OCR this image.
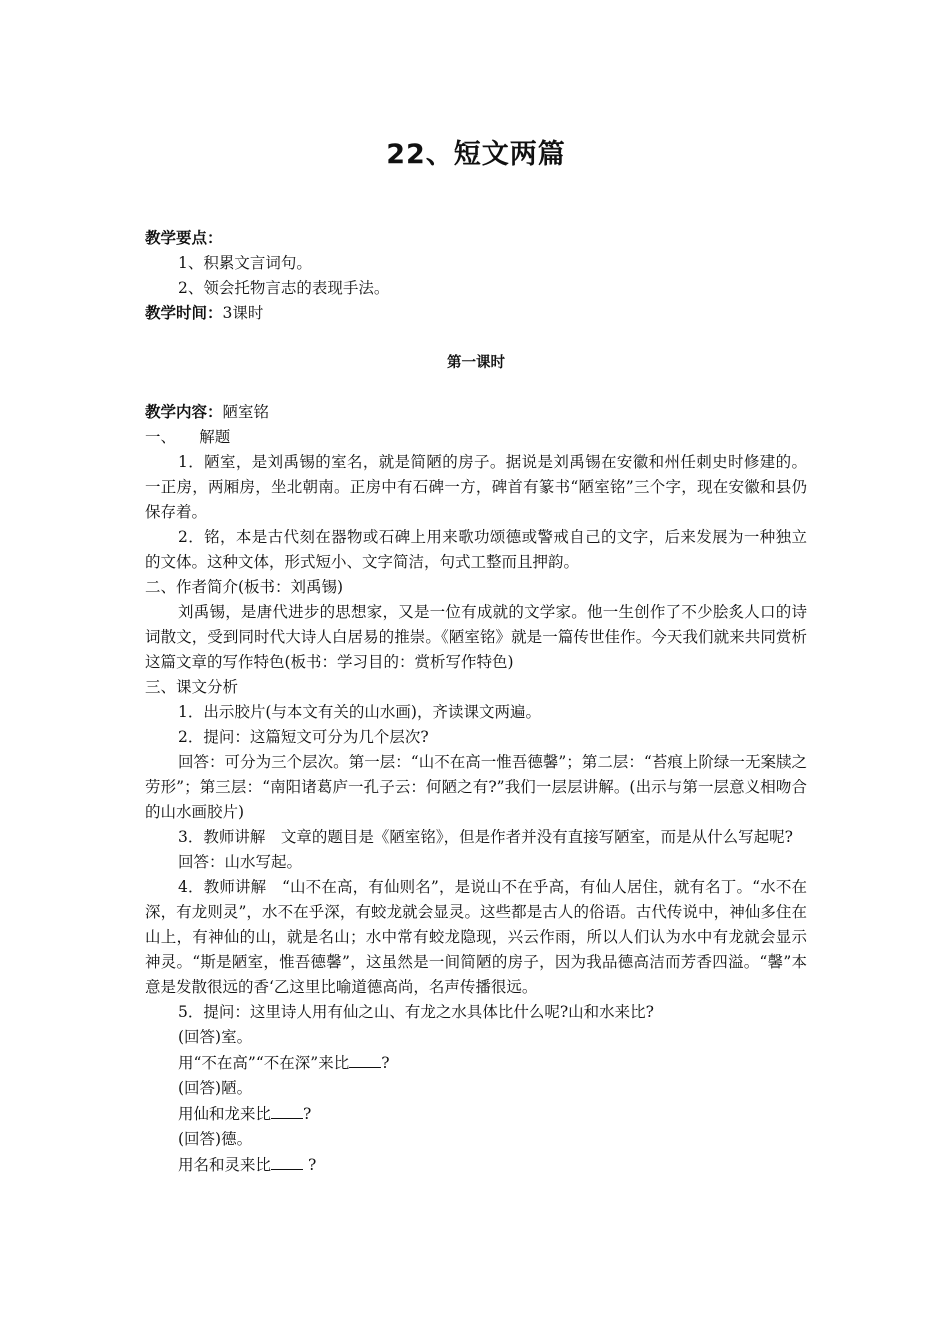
22、短文两篇

教学要点：

1、积累文言词句。

2、领会托物言志的表现手法。

教学时间：3课时

第一课时

教学内容：陋室铭

一、　　解题

1．陋室，是刘禹锡的室名，就是简陋的房子。据说是刘禹锡在安徽和州任刺史时修建的。一正房，两厢房，坐北朝南。正房中有石碑一方，碑首有篆书“陋室铭”三个字，现在安徽和县仍保存着。

2．铭，本是古代刻在器物或石碑上用来歌功颂德或警戒自己的文字，后来发展为一种独立的文体。这种文体，形式短小、文字简洁，句式工整而且押韵。

二、作者简介(板书：刘禹锡)

刘禹锡，是唐代进步的思想家，又是一位有成就的文学家。他一生创作了不少脍炙人口的诗词散文，受到同时代大诗人白居易的推崇。《陋室铭》就是一篇传世佳作。今天我们就来共同赏析这篇文章的写作特色(板书：学习目的：赏析写作特色)

三、课文分析

1．出示胶片(与本文有关的山水画)，齐读课文两遍。

2．提问：这篇短文可分为几个层次?

回答：可分为三个层次。第一层：“山不在高一惟吾德馨”；第二层：“苔痕上阶绿一无案牍之劳形”；第三层：“南阳诸葛庐一孔子云：何陋之有?”我们一层层讲解。(出示与第一层意义相吻合的山水画胶片)

3．教师讲解　文章的题目是《陋室铭》，但是作者并没有直接写陋室，而是从什么写起呢?

回答：山水写起。

4．教师讲解　“山不在高，有仙则名”，是说山不在乎高，有仙人居住，就有名丁。“水不在深，有龙则灵”，水不在乎深，有蛟龙就会显灵。这些都是古人的俗语。古代传说中，神仙多住在山上，有神仙的山，就是名山；水中常有蛟龙隐现，兴云作雨，所以人们认为水中有龙就会显示神灵。“斯是陋室，惟吾德馨”，这虽然是一间简陋的房子，因为我品德高洁而芳香四溢。“馨”本意是发散很远的香‘乙这里比喻道德高尚，名声传播很远。

5．提问：这里诗人用有仙之山、有龙之水具体比什么呢?山和水来比?

(回答)室。

用“不在高”“不在深”来比 ?

(回答)陋。

用仙和龙来比 ?

(回答)德。

用名和灵来比 ?
